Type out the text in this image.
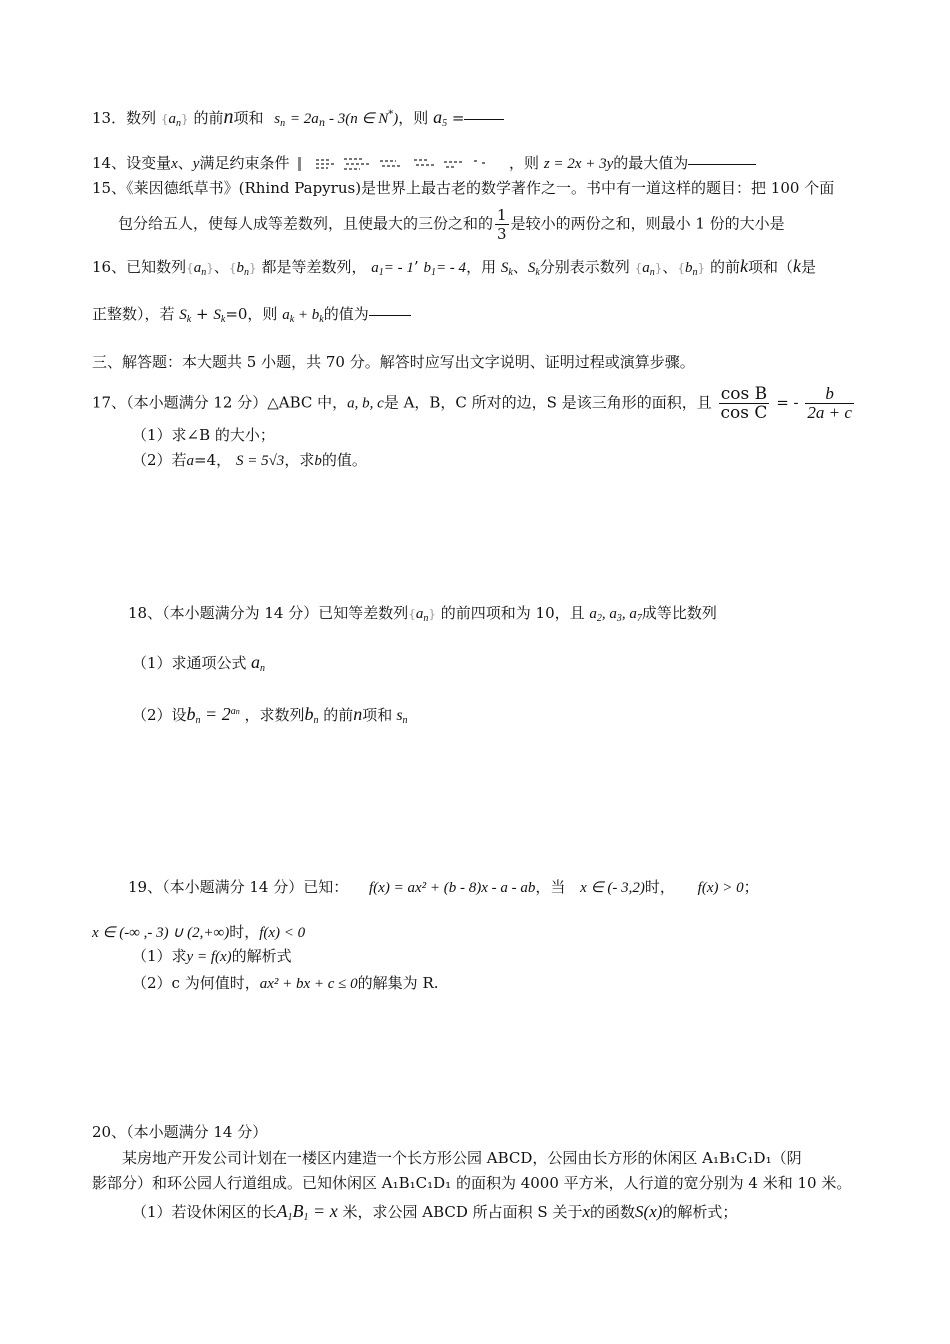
13．数列 $\{a_n\}$ 的前n项和 $s_n = 2a_n - 3(n$ ∈ N*)，则 $a_5$ =
14、设变量x、y满足约束条件	，则 z = 2x + 3y的最大值为
15、《莱因德纸草书》(Rhind Papyrus)是世界上最古老的数学著作之一。书中有一道这样的题目：把 100 个面
包分给五人，使每人成等差数列，且使最大的三份之和的 $\frac{1}{3}$ 是较小的两份之和，则最小 1 份的大小是
16、已知数列$\{a_n\}$、$\{b_n\}$ 都是等差数列， $a_1= - 1$’ $b_1= - 4$，用 $S_k$、$S_k$分别表示数列 $\{a_n\}$、$\{b_n\}$ 的前k项和（k是
正整数），若 $S_k + S_k=0$，则 $a_k + b_k$的值为
三、解答题：本大题共 5 小题，共 70 分。解答时应写出文字说明、证明过程或演算步骤。
17、（本小题满分 12 分）△ABC 中，a, b, c是 A，B，C 所对的边，S 是该三角形的面积，且 $\frac{\text{cos B}}{\text{cos C}}$ = - $\frac{b}{2a + c}$
（1）求∠B 的大小；
（2）若a=4， S = 5√3，求b的值。
18、（本小题满分为 14 分）已知等差数列$\{a_n\}$ 的前四项和为 10，且 $a_2$, $a_3$, $a_7$成等比数列
（1）求通项公式 $a_n$
（2）设$b_n = 2^{an}$ ，求数列$b_n$ 的前n项和 $s_n$
19、（本小题满分 14 分）已知： f(x) = ax² + (b - 8)x - a - ab，当 x ∈ (- 3,2)时， f(x) > 0；
x ∈ (-∞ ,- 3) ∪ (2,+∞)时，f(x) < 0
（1）求y = f(x)的解析式
（2）c 为何值时，ax² + bx + c ≤ 0的解集为 R.
20、（本小题满分 14 分）
某房地产开发公司计划在一楼区内建造一个长方形公园 ABCD，公园由长方形的休闲区 A₁B₁C₁D₁（阴
影部分）和环公园人行道组成。已知休闲区 A₁B₁C₁D₁ 的面积为 4000 平方米，人行道的宽分别为 4 米和 10 米。
（1）若设休闲区的长$A_1B_1 = x$ 米，求公园 ABCD 所占面积 S 关于x的函数S(x)的解析式；
